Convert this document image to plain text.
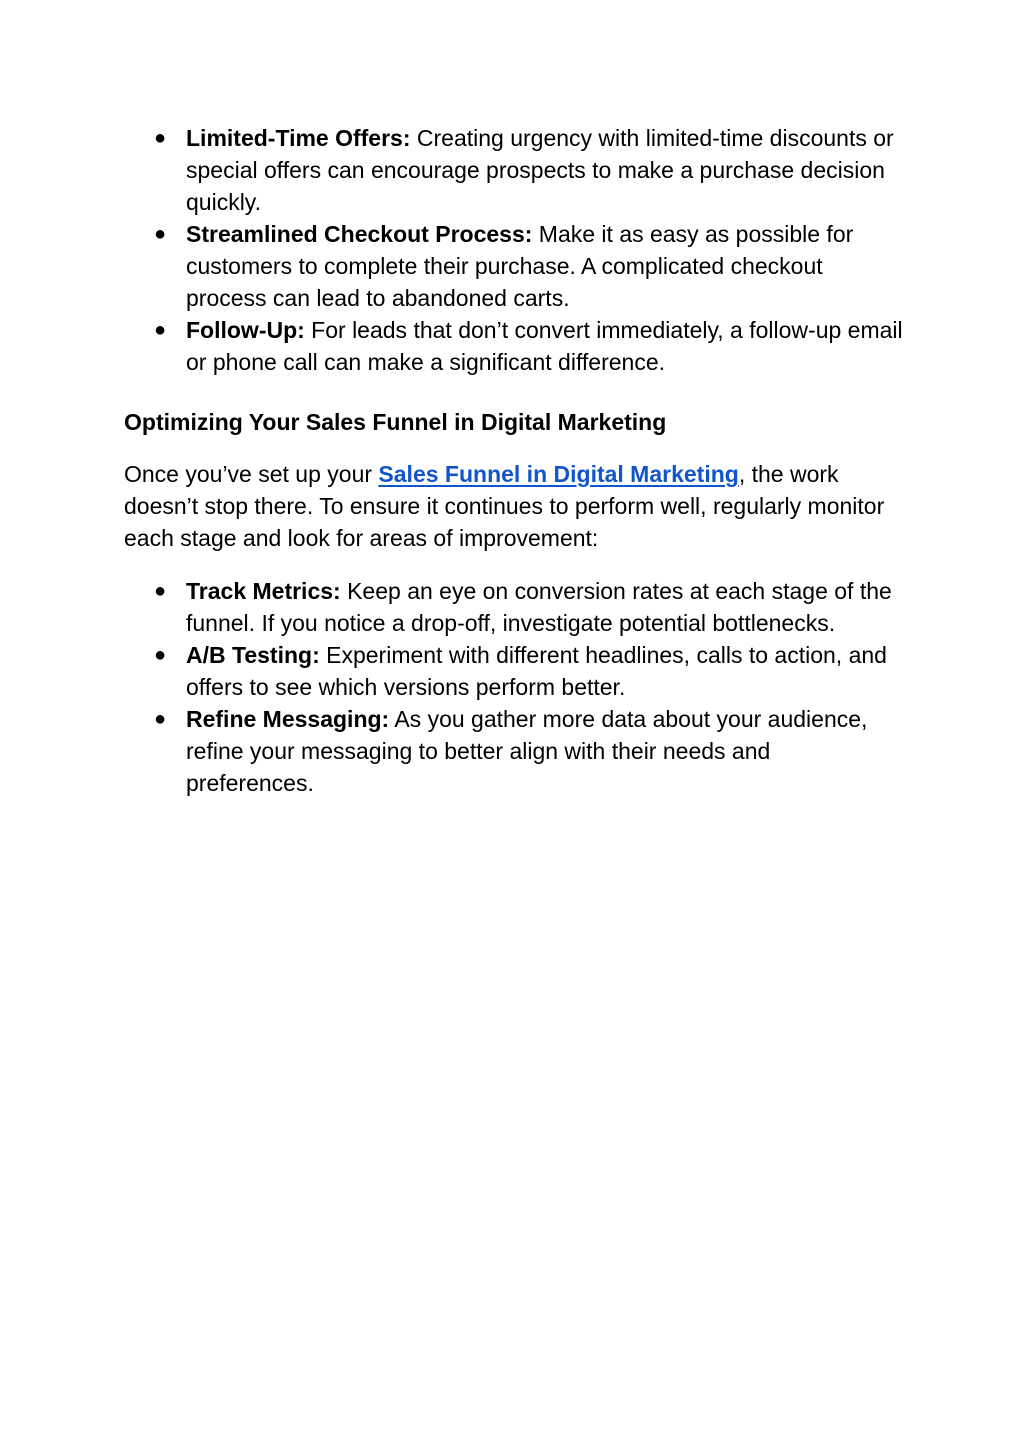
● Limited-Time Offers: Creating urgency with limited-time discounts or special offers can encourage prospects to make a purchase decision quickly.
● Streamlined Checkout Process: Make it as easy as possible for customers to complete their purchase. A complicated checkout process can lead to abandoned carts.
● Follow-Up: For leads that don’t convert immediately, a follow-up email or phone call can make a significant difference.
Optimizing Your Sales Funnel in Digital Marketing

Once you’ve set up your Sales Funnel in Digital Marketing, the work doesn’t stop there. To ensure it continues to perform well, regularly monitor each stage and look for areas of improvement:

● Track Metrics: Keep an eye on conversion rates at each stage of the funnel. If you notice a drop-off, investigate potential bottlenecks.
● A/B Testing: Experiment with different headlines, calls to action, and offers to see which versions perform better.
● Refine Messaging: As you gather more data about your audience, refine your messaging to better align with their needs and preferences.
